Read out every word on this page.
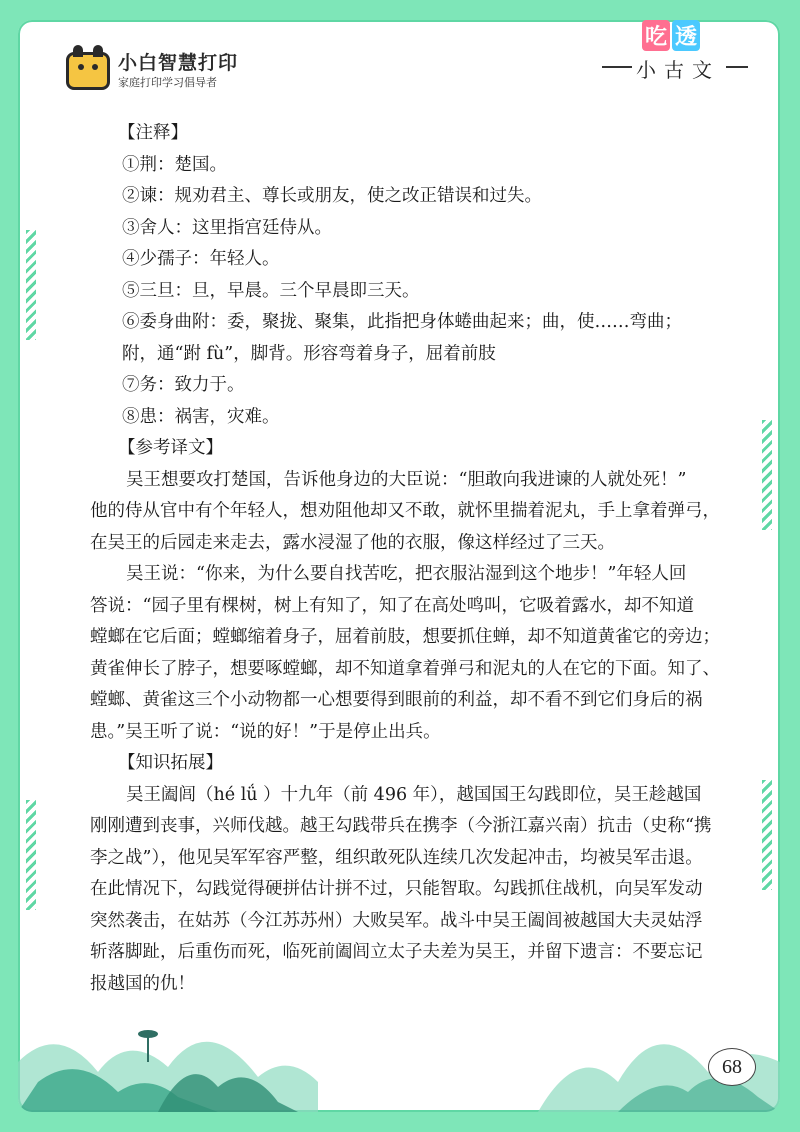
小白智慧打印
家庭打印学习倡导者
吃 透
小古文
【注释】
①荆：楚国。
②谏：规劝君主、尊长或朋友，使之改正错误和过失。
③舍人：这里指宫廷侍从。
④少孺子：年轻人。
⑤三旦：旦，早晨。三个早晨即三天。
⑥委身曲附：委，聚拢、聚集，此指把身体蜷曲起来；曲，使……弯曲；
附，通“跗 fù”，脚背。形容弯着身子，屈着前肢
⑦务：致力于。
⑧患：祸害，灾难。
【参考译文】
吴王想要攻打楚国，告诉他身边的大臣说：“胆敢向我进谏的人就处死！”
他的侍从官中有个年轻人，想劝阻他却又不敢，就怀里揣着泥丸，手上拿着弹弓，
在吴王的后园走来走去，露水浸湿了他的衣服，像这样经过了三天。
吴王说：“你来，为什么要自找苦吃，把衣服沾湿到这个地步！”年轻人回
答说：“园子里有棵树，树上有知了，知了在高处鸣叫，它吸着露水，却不知道
螳螂在它后面；螳螂缩着身子，屈着前肢，想要抓住蝉，却不知道黄雀它的旁边；
黄雀伸长了脖子，想要啄螳螂，却不知道拿着弹弓和泥丸的人在它的下面。知了、
螳螂、黄雀这三个小动物都一心想要得到眼前的利益，却不看不到它们身后的祸
患。”吴王听了说：“说的好！”于是停止出兵。
【知识拓展】
吴王阖闾（hé lǘ ）十九年（前 496 年），越国国王勾践即位，吴王趁越国
刚刚遭到丧事，兴师伐越。越王勾践带兵在携李（今浙江嘉兴南）抗击（史称“携
李之战”），他见吴军军容严整，组织敢死队连续几次发起冲击，均被吴军击退。
在此情况下，勾践觉得硬拼估计拼不过，只能智取。勾践抓住战机，向吴军发动
突然袭击，在姑苏（今江苏苏州）大败吴军。战斗中吴王阖闾被越国大夫灵姑浮
斩落脚趾，后重伤而死，临死前阖闾立太子夫差为吴王，并留下遗言：不要忘记
报越国的仇！
68
